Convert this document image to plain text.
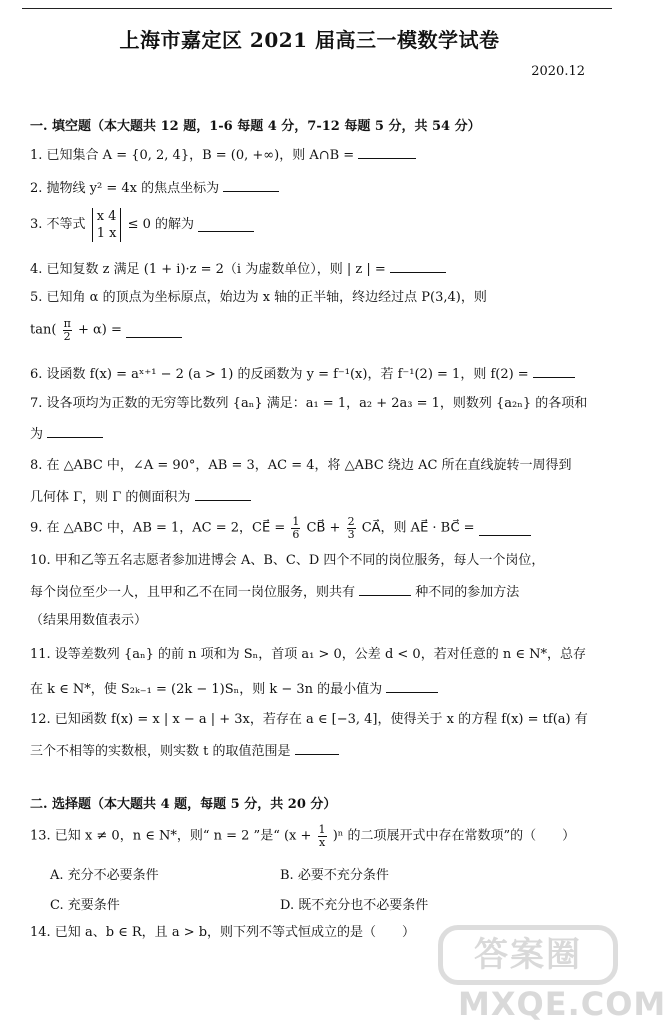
上海市嘉定区 2021 届高三一模数学试卷
2020.12
一. 填空题（本大题共 12 题，1-6 每题 4 分，7-12 每题 5 分，共 54 分）
1. 已知集合 A = {0, 2, 4}，B = (0, +∞)，则 A∩B =
2. 抛物线 y² = 4x 的焦点坐标为
3. 不等式
x 4
1 x
≤ 0 的解为
4. 已知复数 z 满足 (1 + i)·z = 2（i 为虚数单位），则 | z | =
5. 已知角 α 的顶点为坐标原点，始边为 x 轴的正半轴，终边经过点 P(3,4)，则
$\tan( \frac{\pi}{2} + \alpha)$ =
6. 设函数 f(x) = aˣ⁺¹ − 2 (a > 1) 的反函数为 y = f⁻¹(x)，若 f⁻¹(2) = 1，则 f(2) =
7. 设各项均为正数的无穷等比数列 {aₙ} 满足：a₁ = 1，a₂ + 2a₃ = 1，则数列 {a₂ₙ} 的各项和
为
8. 在 △ABC 中，∠A = 90°，AB = 3，AC = 4，将 △ABC 绕边 AC 所在直线旋转一周得到
几何体 Γ，则 Γ 的侧面积为
9. 在 △ABC 中，AB = 1，AC = 2，CE⃗ = $\frac{1}{6}$ CB⃗ + $\frac{2}{3}$ CA⃗，则 AE⃗ · BC⃗ =
10. 甲和乙等五名志愿者参加进博会 A、B、C、D 四个不同的岗位服务，每人一个岗位，
每个岗位至少一人，且甲和乙不在同一岗位服务，则共有	种不同的参加方法
（结果用数值表示）
11. 设等差数列 {aₙ} 的前 n 项和为 Sₙ，首项 a₁ > 0，公差 d < 0，若对任意的 n ∈ N*，总存
在 k ∈ N*，使 S₂ₖ₋₁ = (2k − 1)Sₙ，则 k − 3n 的最小值为
12. 已知函数 f(x) = x | x − a | + 3x，若存在 a ∈ [−3, 4]，使得关于 x 的方程 f(x) = tf(a) 有
三个不相等的实数根，则实数 t 的取值范围是
二. 选择题（本大题共 4 题，每题 5 分，共 20 分）
13. 已知 x ≠ 0，n ∈ N*，则“ n = 2 ”是“ $(x + \frac{1}{x} )^n$ 的二项展开式中存在常数项”的（　　）
A. 充分不必要条件	B. 必要不充分条件
C. 充要条件	D. 既不充分也不必要条件
14. 已知 a、b ∈ R，且 a > b，则下列不等式恒成立的是（　　）
答案圈
MXQE.COM
